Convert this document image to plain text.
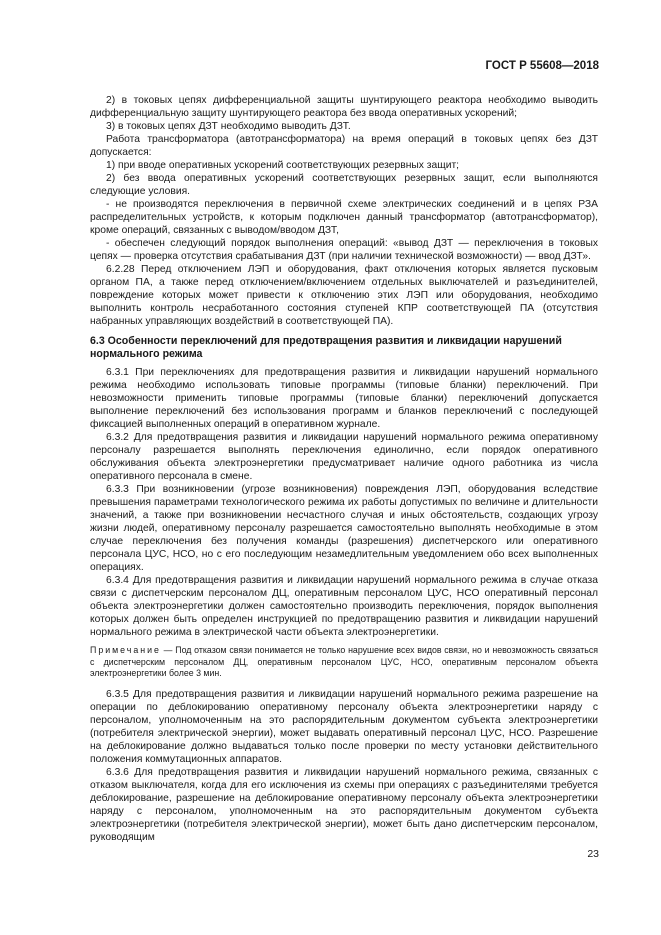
ГОСТ Р 55608—2018

2) в токовых цепях дифференциальной защиты шунтирующего реактора необходимо выводить дифференциальную защиту шунтирующего реактора без ввода оперативных ускорений;

3) в токовых цепях ДЗТ необходимо выводить ДЗТ.

Работа трансформатора (автотрансформатора) на время операций в токовых цепях без ДЗТ допускается:

1) при вводе оперативных ускорений соответствующих резервных защит;

2) без ввода оперативных ускорений соответствующих резервных защит, если выполняются следующие условия.

- не производятся переключения в первичной схеме электрических соединений и в цепях РЗА распределительных устройств, к которым подключен данный трансформатор (автотрансформатор), кроме операций, связанных с выводом/вводом ДЗТ,

- обеспечен следующий порядок выполнения операций: «вывод ДЗТ — переключения в токовых цепях — проверка отсутствия срабатывания ДЗТ (при наличии технической возможности) — ввод ДЗТ».

6.2.28 Перед отключением ЛЭП и оборудования, факт отключения которых является пусковым органом ПА, а также перед отключением/включением отдельных выключателей и разъединителей, повреждение которых может привести к отключению этих ЛЭП или оборудования, необходимо выполнить контроль несработанного состояния ступеней КПР соответствующей ПА (отсутствия набранных управляющих воздействий в соответствующей ПА).

6.3 Особенности переключений для предотвращения развития и ликвидации нарушений нормального режима

6.3.1 При переключениях для предотвращения развития и ликвидации нарушений нормального режима необходимо использовать типовые программы (типовые бланки) переключений. При невозможности применить типовые программы (типовые бланки) переключений допускается выполнение переключений без использования программ и бланков переключений с последующей фиксацией выполненных операций в оперативном журнале.

6.3.2 Для предотвращения развития и ликвидации нарушений нормального режима оперативному персоналу разрешается выполнять переключения единолично, если порядок оперативного обслуживания объекта электроэнергетики предусматривает наличие одного работника из числа оперативного персонала в смене.

6.3.3 При возникновении (угрозе возникновения) повреждения ЛЭП, оборудования вследствие превышения параметрами технологического режима их работы допустимых по величине и длительности значений, а также при возникновении несчастного случая и иных обстоятельств, создающих угрозу жизни людей, оперативному персоналу разрешается самостоятельно выполнять необходимые в этом случае переключения без получения команды (разрешения) диспетчерского или оперативного персонала ЦУС, НСО, но с его последующим незамедлительным уведомлением обо всех выполненных операциях.

6.3.4 Для предотвращения развития и ликвидации нарушений нормального режима в случае отказа связи с диспетчерским персоналом ДЦ, оперативным персоналом ЦУС, НСО оперативный персонал объекта электроэнергетики должен самостоятельно производить переключения, порядок выполнения которых должен быть определен инструкцией по предотвращению развития и ликвидации нарушений нормального режима в электрической части объекта электроэнергетики.

Примечание — Под отказом связи понимается не только нарушение всех видов связи, но и невозможность связаться с диспетчерским персоналом ДЦ, оперативным персоналом ЦУС, НСО, оперативным персоналом объекта электроэнергетики более 3 мин.

6.3.5 Для предотвращения развития и ликвидации нарушений нормального режима разрешение на операции по деблокированию оперативному персоналу объекта электроэнергетики наряду с персоналом, уполномоченным на это распорядительным документом субъекта электроэнергетики (потребителя электрической энергии), может выдавать оперативный персонал ЦУС, НСО. Разрешение на деблокирование должно выдаваться только после проверки по месту установки действительного положения коммутационных аппаратов.

6.3.6 Для предотвращения развития и ликвидации нарушений нормального режима, связанных с отказом выключателя, когда для его исключения из схемы при операциях с разъединителями требуется деблокирование, разрешение на деблокирование оперативному персоналу объекта электроэнергетики наряду с персоналом, уполномоченным на это распорядительным документом субъекта электроэнергетики (потребителя электрической энергии), может быть дано диспетчерским персоналом, руководящим

23
